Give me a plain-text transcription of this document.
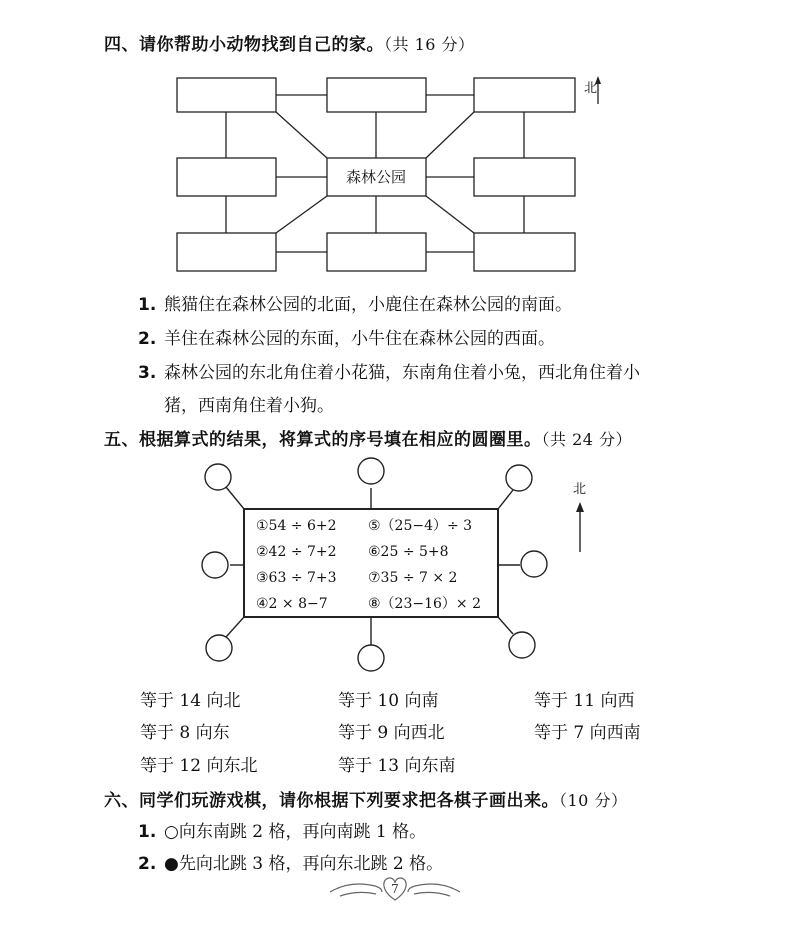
四、请你帮助小动物找到自己的家。（共 16 分）
北
森林公园
1. 熊猫住在森林公园的北面，小鹿住在森林公园的南面。
2. 羊住在森林公园的东面，小牛住在森林公园的西面。
3. 森林公园的东北角住着小花猫，东南角住着小兔，西北角住着小
猪，西南角住着小狗。
五、根据算式的结果，将算式的序号填在相应的圆圈里。（共 24 分）
北
①54 ÷ 6+2 ⑤（25−4）÷ 3
②42 ÷ 7+2 ⑥25 ÷ 5+8
③63 ÷ 7+3 ⑦35 ÷ 7 × 2
④2 × 8−7	⑧（23−16）× 2
等于 14 向北	等于 10 向南	等于 11 向西
等于 8 向东	等于 9 向西北	等于 7 向西南
等于 12 向东北	等于 13 向东南
六、同学们玩游戏棋，请你根据下列要求把各棋子画出来。（10 分）
1. ○向东南跳 2 格，再向南跳 1 格。
2. ●先向北跳 3 格，再向东北跳 2 格。
7
